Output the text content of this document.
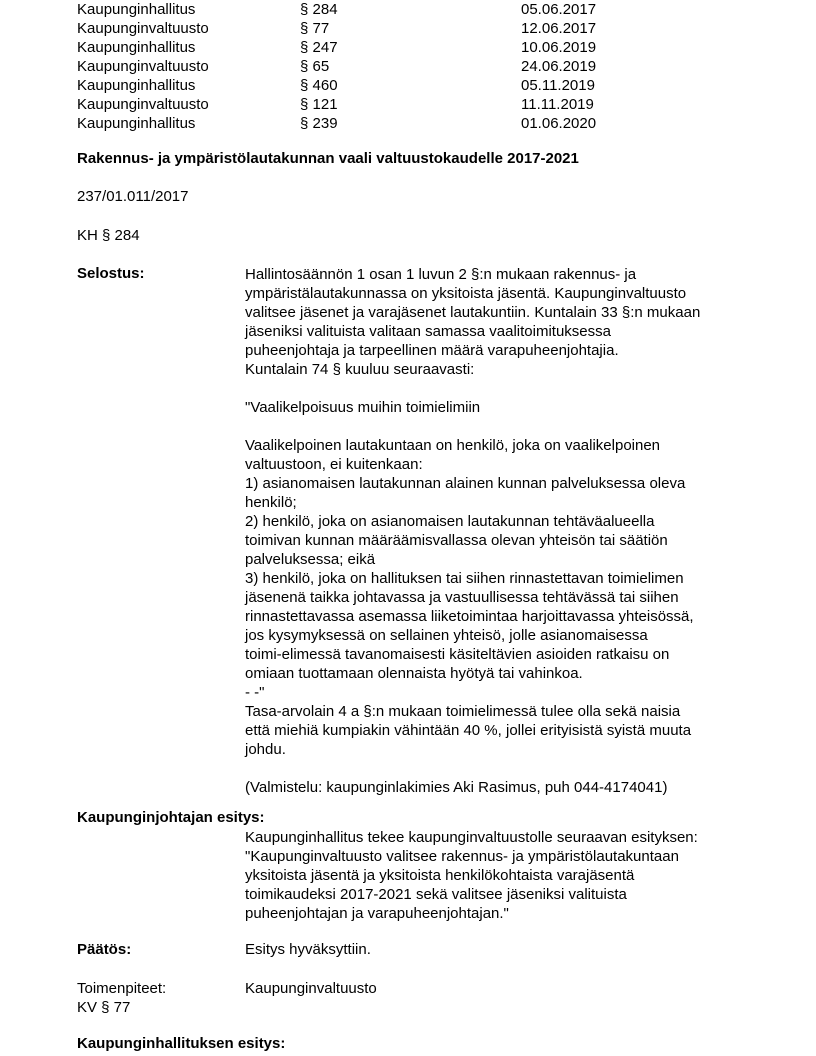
Kaupunginhallitus	§ 284	05.06.2017
Kaupunginvaltuusto	§ 77	12.06.2017
Kaupunginhallitus	§ 247	10.06.2019
Kaupunginvaltuusto	§ 65	24.06.2019
Kaupunginhallitus	§ 460	05.11.2019
Kaupunginvaltuusto	§ 121	11.11.2019
Kaupunginhallitus	§ 239	01.06.2020
Rakennus- ja ympäristölautakunnan vaali valtuustokaudelle 2017-2021
237/01.011/2017
KH § 284
Selostus:	Hallintosäännön 1 osan 1 luvun 2 §:n mukaan rakennus- ja
ympäristälautakunnassa on yksitoista jäsentä. Kaupunginvaltuusto
valitsee jäsenet ja varajäsenet lautakuntiin. Kuntalain 33 §:n mukaan
jäseniksi valituista valitaan samassa vaalitoimituksessa
puheenjohtaja ja tarpeellinen määrä varapuheenjohtajia.
Kuntalain 74 § kuuluu seuraavasti:
"Vaalikelpoisuus muihin toimielimiin
Vaalikelpoinen lautakuntaan on henkilö, joka on vaalikelpoinen
valtuustoon, ei kuitenkaan:
1) asianomaisen lautakunnan alainen kunnan palveluksessa oleva
henkilö;
2) henkilö, joka on asianomaisen lautakunnan tehtäväalueella
toimivan kunnan määräämisvallassa olevan yhteisön tai säätiön
palveluksessa; eikä
3) henkilö, joka on hallituksen tai siihen rinnastettavan toimielimen
jäsenenä taikka johtavassa ja vastuullisessa tehtävässä tai siihen
rinnastettavassa asemassa liiketoimintaa harjoittavassa yhteisössä,
jos kysymyksessä on sellainen yhteisö, jolle asianomaisessa
toimi-elimessä tavanomaisesti käsiteltävien asioiden ratkaisu on
omiaan tuottamaan olennaista hyötyä tai vahinkoa.
- -"
Tasa-arvolain 4 a §:n mukaan toimielimessä tulee olla sekä naisia
että miehiä kumpiakin vähintään 40 %, jollei erityisistä syistä muuta
johdu.
(Valmistelu: kaupunginlakimies Aki Rasimus, puh 044-4174041)
Kaupunginjohtajan esitys:
Kaupunginhallitus tekee kaupunginvaltuustolle seuraavan esityksen:
"Kaupunginvaltuusto valitsee rakennus- ja ympäristölautakuntaan
yksitoista jäsentä ja yksitoista henkilökohtaista varajäsentä
toimikaudeksi 2017-2021 sekä valitsee jäseniksi valituista
puheenjohtajan ja varapuheenjohtajan."
Päätös:	Esitys hyväksyttiin.
Toimenpiteet:	Kaupunginvaltuusto
KV § 77
Kaupunginhallituksen esitys:
